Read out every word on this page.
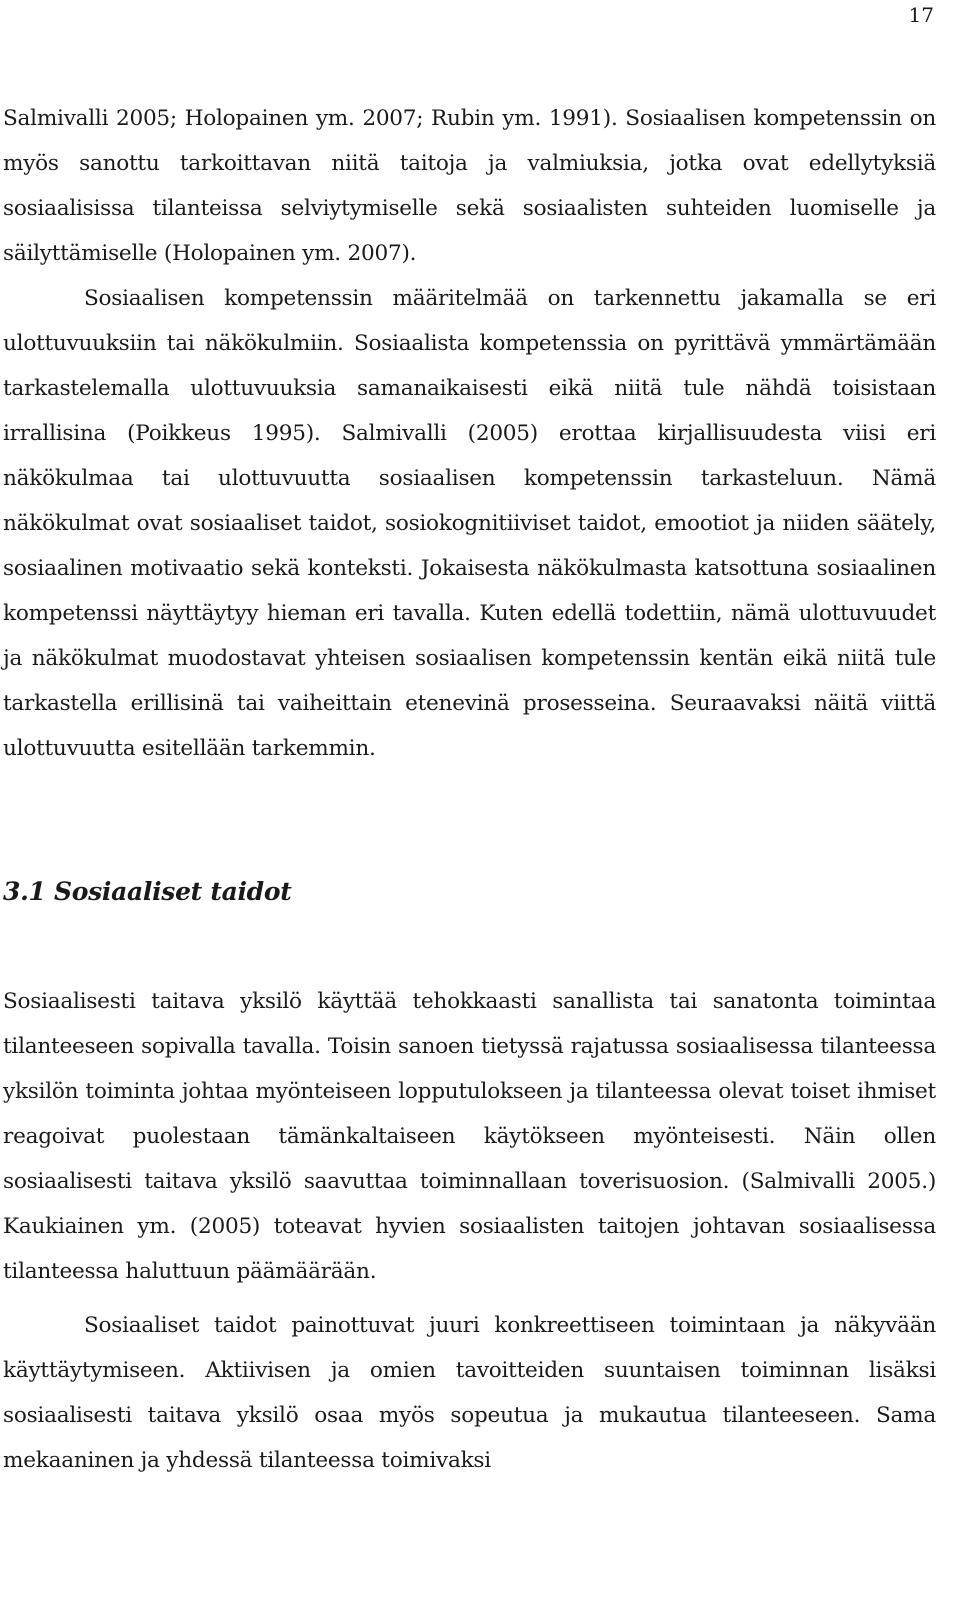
17

Salmivalli 2005; Holopainen ym. 2007; Rubin ym. 1991). Sosiaalisen kompetenssin on myös sanottu tarkoittavan niitä taitoja ja valmiuksia, jotka ovat edellytyksiä sosiaalisissa tilanteissa selviytymiselle sekä sosiaalisten suhteiden luomiselle ja säilyttämiselle (Holopainen ym. 2007).

Sosiaalisen kompetenssin määritelmää on tarkennettu jakamalla se eri ulottuvuuksiin tai näkökulmiin. Sosiaalista kompetenssia on pyrittävä ymmärtämään tarkastelemalla ulottuvuuksia samanaikaisesti eikä niitä tule nähdä toisistaan irrallisina (Poikkeus 1995). Salmivalli (2005) erottaa kirjallisuudesta viisi eri näkökulmaa tai ulottuvuutta sosiaalisen kompetenssin tarkasteluun. Nämä näkökulmat ovat sosiaaliset taidot, sosiokognitiiviset taidot, emootiot ja niiden säätely, sosiaalinen motivaatio sekä konteksti. Jokaisesta näkökulmasta katsottuna sosiaalinen kompetenssi näyttäytyy hieman eri tavalla. Kuten edellä todettiin, nämä ulottuvuudet ja näkökulmat muodostavat yhteisen sosiaalisen kompetenssin kentän eikä niitä tule tarkastella erillisinä tai vaiheittain etenevinä prosesseina. Seuraavaksi näitä viittä ulottuvuutta esitellään tarkemmin.

3.1 Sosiaaliset taidot

Sosiaalisesti taitava yksilö käyttää tehokkaasti sanallista tai sanatonta toimintaa tilanteeseen sopivalla tavalla. Toisin sanoen tietyssä rajatussa sosiaalisessa tilanteessa yksilön toiminta johtaa myönteiseen lopputulokseen ja tilanteessa olevat toiset ihmiset reagoivat puolestaan tämänkaltaiseen käytökseen myönteisesti. Näin ollen sosiaalisesti taitava yksilö saavuttaa toiminnallaan toverisuosion. (Salmivalli 2005.) Kaukiainen ym. (2005) toteavat hyvien sosiaalisten taitojen johtavan sosiaalisessa tilanteessa haluttuun päämäärään.

Sosiaaliset taidot painottuvat juuri konkreettiseen toimintaan ja näkyvään käyttäytymiseen. Aktiivisen ja omien tavoitteiden suuntaisen toiminnan lisäksi sosiaalisesti taitava yksilö osaa myös sopeutua ja mukautua tilanteeseen. Sama mekaaninen ja yhdessä tilanteessa toimivaksi
